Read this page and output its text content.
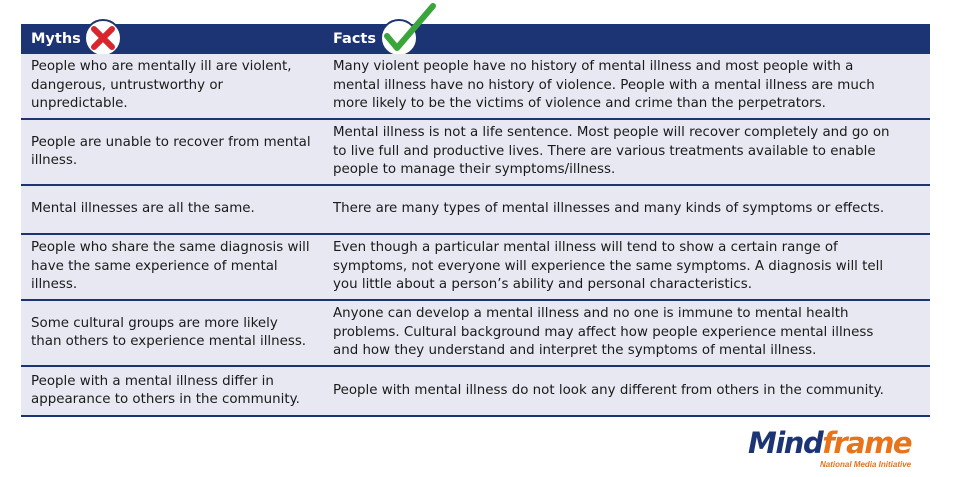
Myths	Facts
People who are mentally ill are violent, dangerous, untrustworthy or unpredictable.
Many violent people have no history of mental illness and most people with a mental illness have no history of violence. People with a mental illness are much more likely to be the victims of violence and crime than the perpetrators.
People are unable to recover from mental illness.
Mental illness is not a life sentence. Most people will recover completely and go on to live full and productive lives. There are various treatments available to enable people to manage their symptoms/illness.
Mental illnesses are all the same.	There are many types of mental illnesses and many kinds of symptoms or effects.
People who share the same diagnosis will have the same experience of mental illness.
Even though a particular mental illness will tend to show a certain range of symptoms, not everyone will experience the same symptoms. A diagnosis will tell you little about a person’s ability and personal characteristics.
Some cultural groups are more likely than others to experience mental illness.
Anyone can develop a mental illness and no one is immune to mental health problems. Cultural background may affect how people experience mental illness and how they understand and interpret the symptoms of mental illness.
People with a mental illness differ in appearance to others in the community.
People with mental illness do not look any different from others in the community.
Mindframe
National Media Initiative
